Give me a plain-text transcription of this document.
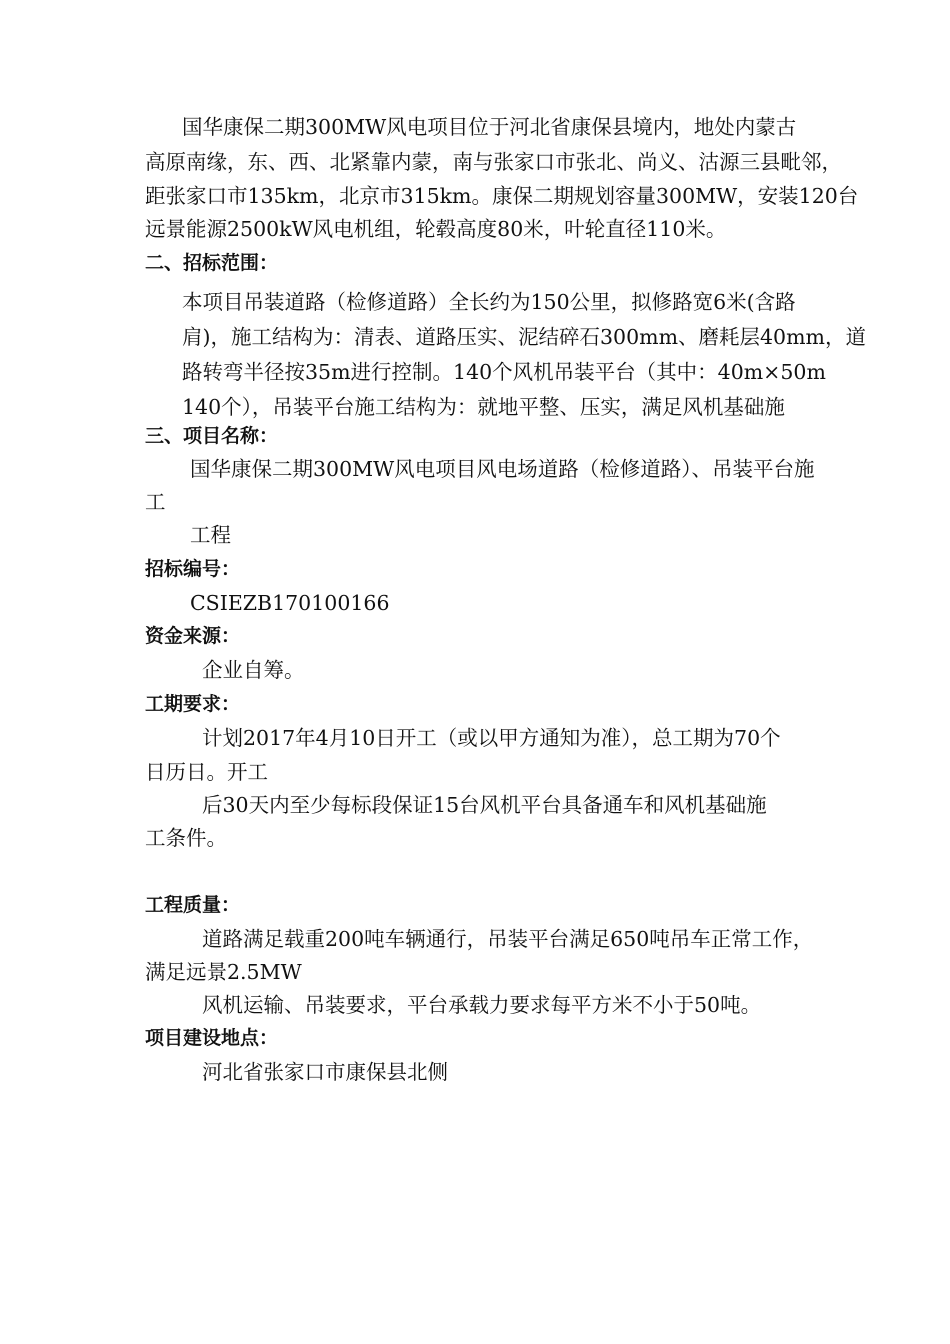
国华康保二期300MW风电项目位于河北省康保县境内，地处内蒙古
高原南缘，东、西、北紧靠内蒙，南与张家口市张北、尚义、沽源三县毗邻，
距张家口市135km，北京市315km。康保二期规划容量300MW，安装120台
远景能源2500kW风电机组，轮毂高度80米，叶轮直径110米。
二、招标范围：
本项目吊装道路（检修道路）全长约为150公里，拟修路宽6米(含路
肩)，施工结构为：清表、道路压实、泥结碎石300mm、磨耗层40mm，道
路转弯半径按35m进行控制。140个风机吊装平台（其中：40m×50m
140个），吊装平台施工结构为：就地平整、压实，满足风机基础施
三、项目名称：
国华康保二期300MW风电项目风电场道路（检修道路）、吊装平台施
工
工程
招标编号：
CSIEZB170100166
资金来源：
企业自筹。
工期要求：
计划2017年4月10日开工（或以甲方通知为准），总工期为70个
日历日。开工
后30天内至少每标段保证15台风机平台具备通车和风机基础施
工条件。
工程质量：
道路满足载重200吨车辆通行，吊装平台满足650吨吊车正常工作，
满足远景2.5MW
风机运输、吊装要求，平台承载力要求每平方米不小于50吨。
项目建设地点：
河北省张家口市康保县北侧
